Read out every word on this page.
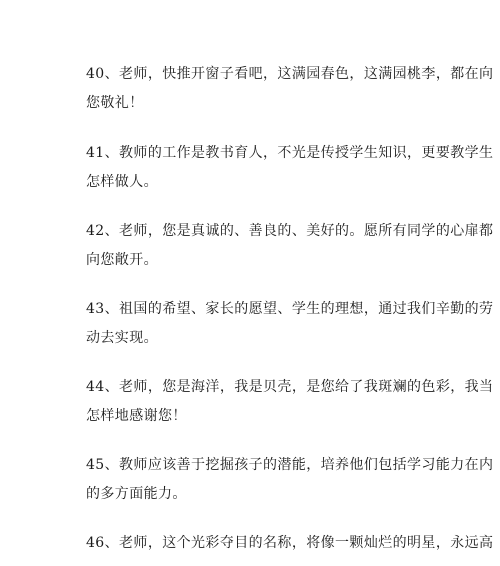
40、老师，快推开窗子看吧，这满园春色，这满园桃李，都在向
您敬礼！

41、教师的工作是教书育人，不光是传授学生知识，更要教学生
怎样做人。

42、老师，您是真诚的、善良的、美好的。愿所有同学的心扉都
向您敞开。

43、祖国的希望、家长的愿望、学生的理想，通过我们辛勤的劳
动去实现。

44、老师，您是海洋，我是贝壳，是您给了我斑斓的色彩，我当
怎样地感谢您！

45、教师应该善于挖掘孩子的潜能，培养他们包括学习能力在内
的多方面能力。

46、老师，这个光彩夺目的名称，将像一颗灿烂的明星，永远高
